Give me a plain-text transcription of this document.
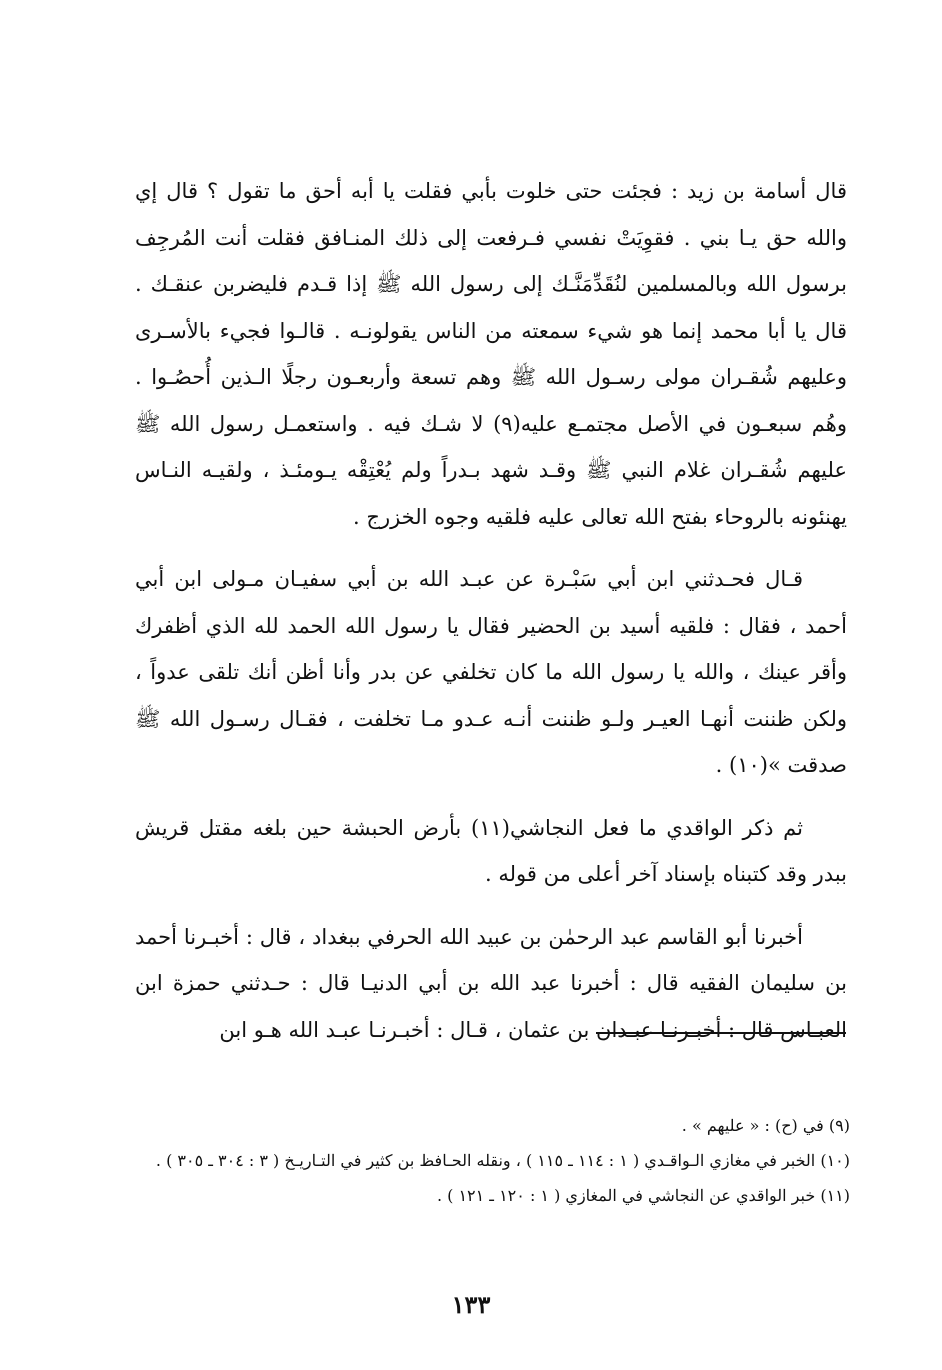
قال أسامة بن زيد : فجئت حتى خلوت بأبي فقلت يا أبه أحق ما تقول ؟ قال إي والله حق يـا بني . فقوِيَتْ نفسي فـرفعت إلى ذلك المنـافق فقلت أنت المُرجِف برسول الله وبالمسلمين لنُقَدِّمَنَّـك إلى رسول الله ﷺ إذا قـدم فليضربن عنقـك . قال يا أبا محمد إنما هو شيء سمعته من الناس يقولونـه . قالـوا فجيء بالأسـرى وعليهم شُقـران مولى رسـول الله ﷺ وهم تسعة وأربعـون رجلًا الـذين أُحصُـوا . وهُم سبعـون في الأصل مجتمـع عليه(٩) لا شـك فيه . واستعمـل رسول الله ﷺ عليهم شُقـران غلام النبي ﷺ وقـد شهد بـدراً ولم يُعْتِقْه يـومئـذ ، ولقيـه النـاس يهنئونه بالروحاء بفتح الله تعالى عليه فلقيه وجوه الخزرج .

قـال فحـدثني ابن أبي سَبْـرة عن عبـد الله بن أبي سفيـان مـولى ابن أبي أحمد ، فقال : فلقيه أسيد بن الحضير فقال يا رسول الله الحمد لله الذي أظفرك وأقر عينك ، والله يا رسول الله ما كان تخلفي عن بدر وأنا أظن أنك تلقى عدواً ، ولكن ظننت أنهـا العيـر ولـو ظننت أنـه عـدو مـا تخلفت ، فقـال رسـول الله ﷺ صدقت »(١٠) .

ثم ذكر الواقدي ما فعل النجاشي(١١) بأرض الحبشة حين بلغه مقتل قريش ببدر وقد كتبناه بإسناد آخر أعلى من قوله .

أخبرنا أبو القاسم عبد الرحمٰن بن عبيد الله الحرفي ببغداد ، قال : أخبـرنا أحمد بن سليمان الفقيه قال : أخبرنا عبد الله بن أبي الدنيـا قال : حـدثني حمزة ابن العبـاس قال : أخبـرنـا عبـدان بن عثمان ، قـال : أخبـرنـا عبـد الله هـو ابن

(٩) في (ح) : « عليهم » .

(١٠) الخبر في مغازي الـواقـدي ( ١ : ١١٤ ـ ١١٥ ) ، ونقله الحـافظ بن كثير في التـاريـخ ( ٣ : ٣٠٤ ـ ٣٠٥ ) .

(١١) خبر الواقدي عن النجاشي في المغازي ( ١ : ١٢٠ ـ ١٢١ ) .

١٣٣
